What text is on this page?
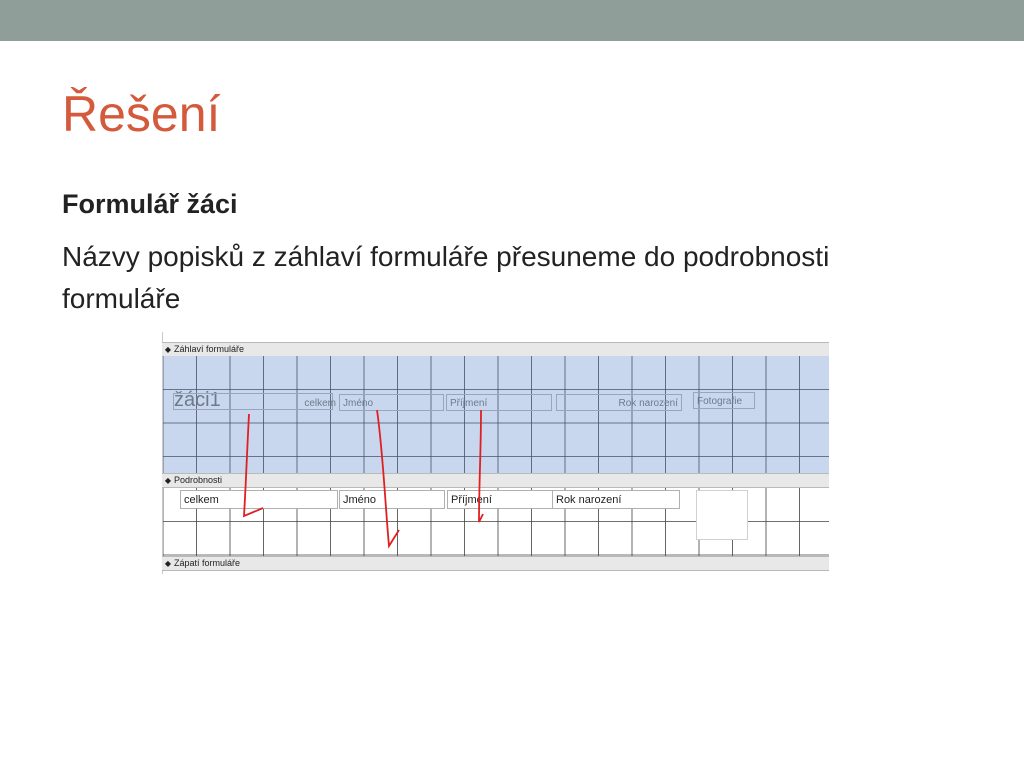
Řešení
Formulář žáci
Názvy popisků z záhlaví formuláře přesuneme do podrobnosti formuláře
◆ Záhlaví formuláře
žáci1	celkem Jméno	Příjmení	Rok narození	Fotografie
◆ Podrobnosti
celkem	Jméno	Příjmení	Rok narození
◆ Zápatí formuláře
